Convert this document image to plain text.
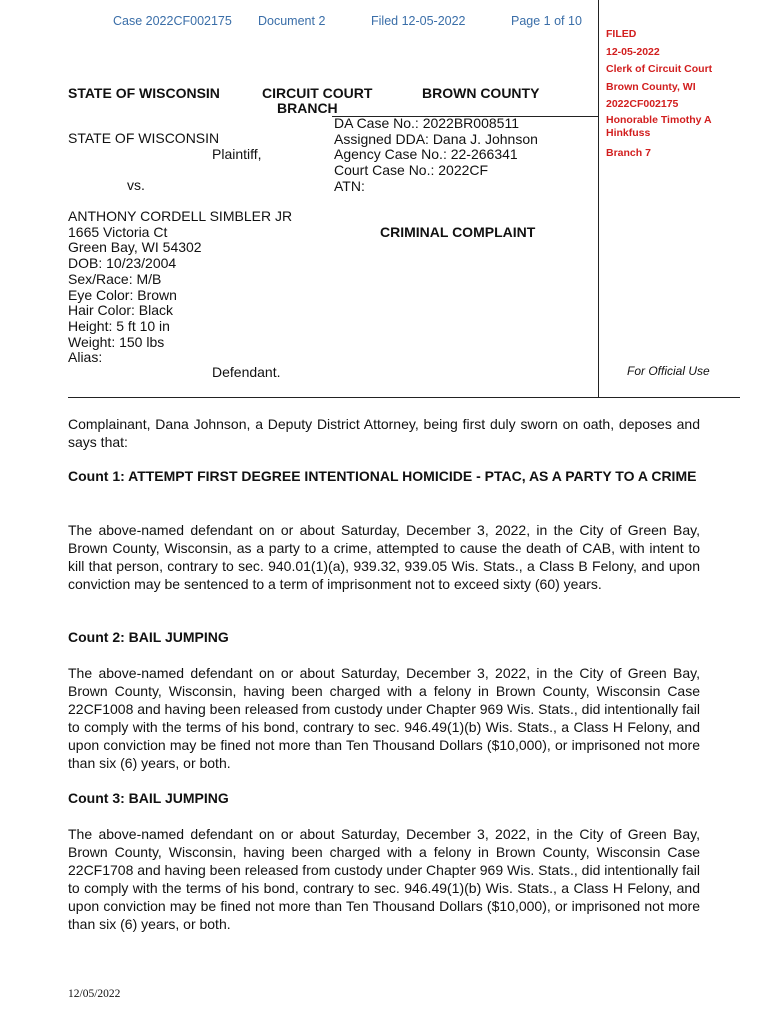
Case 2022CF002175 Document 2	Filed 12-05-2022	Page 1 of 10
FILED
12-05-2022
Clerk of Circuit Court
Brown County, WI
2022CF002175
Honorable Timothy A
Hinkfuss
Branch 7
STATE OF WISCONSIN	CIRCUIT COURT
BRANCH
BROWN COUNTY
STATE OF WISCONSIN
Plaintiff,
vs.
DA Case No.: 2022BR008511
Assigned DDA: Dana J. Johnson
Agency Case No.: 22-266341
Court Case No.: 2022CF
ATN:
ANTHONY CORDELL SIMBLER JR
1665 Victoria Ct
Green Bay, WI 54302
DOB: 10/23/2004
Sex/Race: M/B
Eye Color: Brown
Hair Color: Black
Height: 5 ft 10 in
Weight: 150 lbs
Alias:
Defendant.
CRIMINAL COMPLAINT
For Official Use
Complainant, Dana Johnson, a Deputy District Attorney, being first duly sworn on oath, deposes and says that:
Count 1: ATTEMPT FIRST DEGREE INTENTIONAL HOMICIDE - PTAC, AS A PARTY TO A CRIME
The above-named defendant on or about Saturday, December 3, 2022, in the City of Green Bay, Brown County, Wisconsin, as a party to a crime, attempted to cause the death of CAB, with intent to kill that person, contrary to sec. 940.01(1)(a), 939.32, 939.05 Wis. Stats., a Class B Felony, and upon conviction may be sentenced to a term of imprisonment not to exceed sixty (60) years.
Count 2: BAIL JUMPING
The above-named defendant on or about Saturday, December 3, 2022, in the City of Green Bay, Brown County, Wisconsin, having been charged with a felony in Brown County, Wisconsin Case 22CF1008 and having been released from custody under Chapter 969 Wis. Stats., did intentionally fail to comply with the terms of his bond, contrary to sec. 946.49(1)(b) Wis. Stats., a Class H Felony, and upon conviction may be fined not more than Ten Thousand Dollars ($10,000), or imprisoned not more than six (6) years, or both.
Count 3: BAIL JUMPING
The above-named defendant on or about Saturday, December 3, 2022, in the City of Green Bay, Brown County, Wisconsin, having been charged with a felony in Brown County, Wisconsin Case 22CF1708 and having been released from custody under Chapter 969 Wis. Stats., did intentionally fail to comply with the terms of his bond, contrary to sec. 946.49(1)(b) Wis. Stats., a Class H Felony, and upon conviction may be fined not more than Ten Thousand Dollars ($10,000), or imprisoned not more than six (6) years, or both.
12/05/2022
